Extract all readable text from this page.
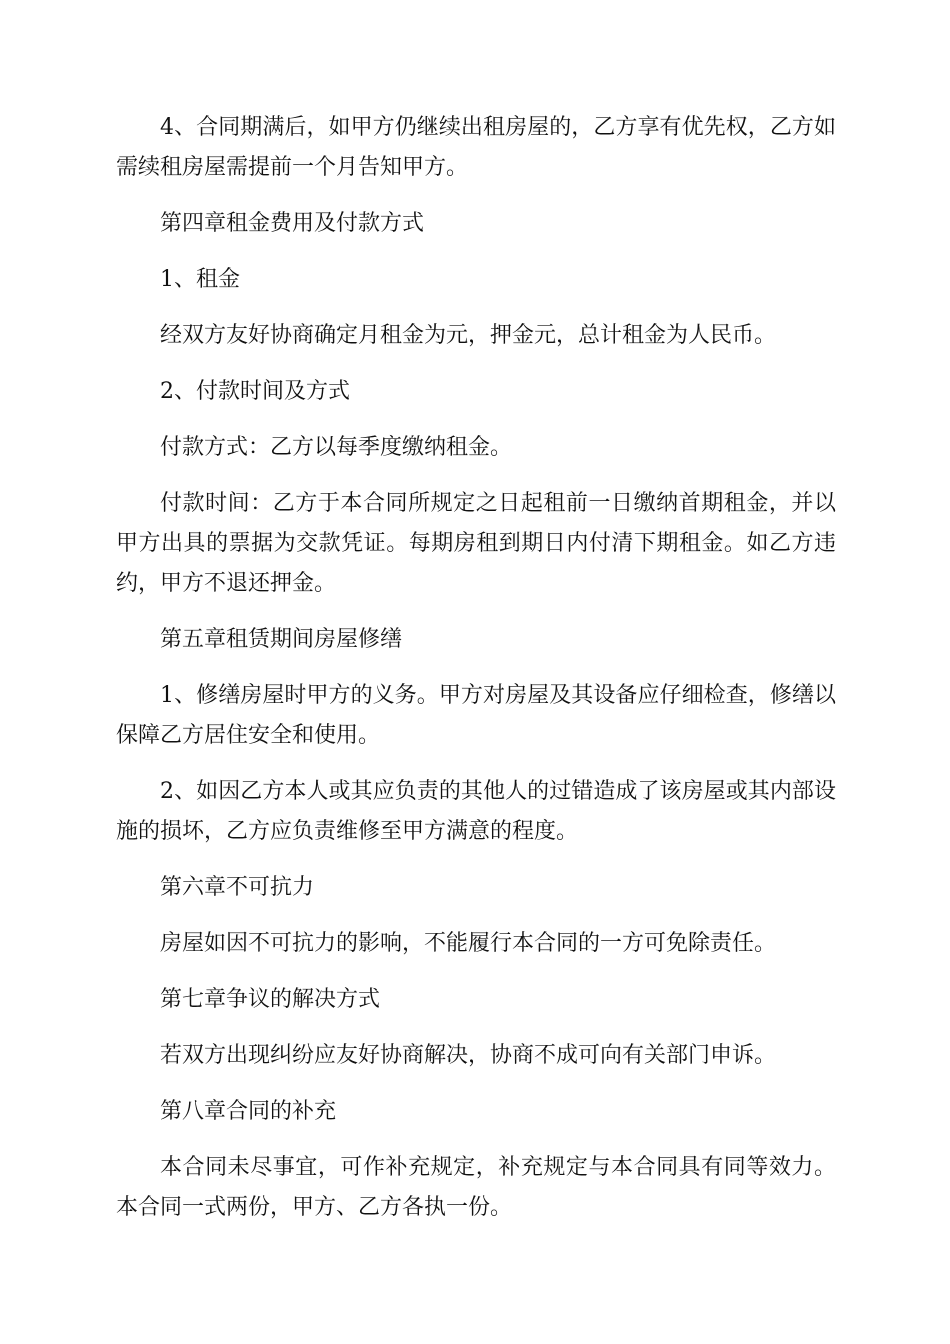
4、合同期满后，如甲方仍继续出租房屋的，乙方享有优先权，乙方如需续租房屋需提前一个月告知甲方。

第四章租金费用及付款方式

1、租金

经双方友好协商确定月租金为元，押金元，总计租金为人民币。

2、付款时间及方式

付款方式：乙方以每季度缴纳租金。

付款时间：乙方于本合同所规定之日起租前一日缴纳首期租金，并以甲方出具的票据为交款凭证。每期房租到期日内付清下期租金。如乙方违约，甲方不退还押金。

第五章租赁期间房屋修缮

1、修缮房屋时甲方的义务。甲方对房屋及其设备应仔细检查，修缮以保障乙方居住安全和使用。

2、如因乙方本人或其应负责的其他人的过错造成了该房屋或其内部设施的损坏，乙方应负责维修至甲方满意的程度。

第六章不可抗力

房屋如因不可抗力的影响，不能履行本合同的一方可免除责任。

第七章争议的解决方式

若双方出现纠纷应友好协商解决，协商不成可向有关部门申诉。

第八章合同的补充

本合同未尽事宜，可作补充规定，补充规定与本合同具有同等效力。本合同一式两份，甲方、乙方各执一份。
